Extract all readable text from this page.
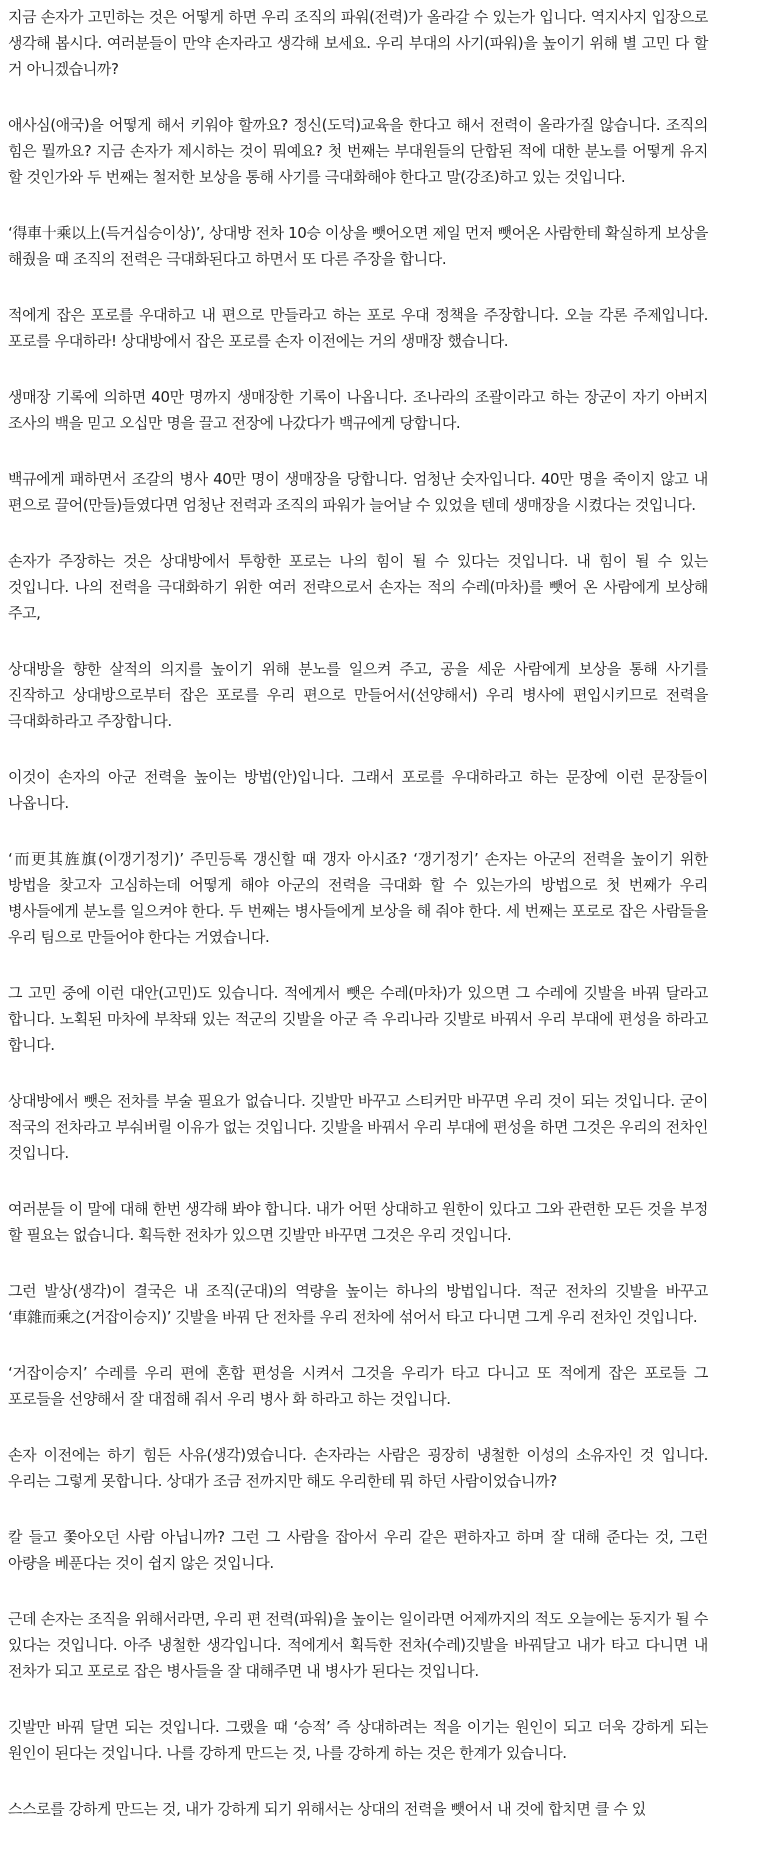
지금 손자가 고민하는 것은 어떻게 하면 우리 조직의 파워(전력)가 올라갈 수 있는가 입니다. 역지사지 입장으로 생각해 봅시다. 여러분들이 만약 손자라고 생각해 보세요. 우리 부대의 사기(파워)을 높이기 위해 별 고민 다 할 거 아니겠습니까?

애사심(애국)을 어떻게 해서 키워야 할까요? 정신(도덕)교육을 한다고 해서 전력이 올라가질 않습니다. 조직의 힘은 뭘까요? 지금 손자가 제시하는 것이 뭐예요? 첫 번째는 부대원들의 단합된 적에 대한 분노를 어떻게 유지 할 것인가와 두 번째는 철저한 보상을 통해 사기를 극대화해야 한다고 말(강조)하고 있는 것입니다.

‘得車十乘以上(득거십승이상)’, 상대방 전차 10승 이상을 뺏어오면 제일 먼저 뺏어온 사람한테 확실하게 보상을 해줬을 때 조직의 전력은 극대화된다고 하면서 또 다른 주장을 합니다.

적에게 잡은 포로를 우대하고 내 편으로 만들라고 하는 포로 우대 정책을 주장합니다. 오늘 각론 주제입니다. 포로를 우대하라! 상대방에서 잡은 포로를 손자 이전에는 거의 생매장 했습니다.

생매장 기록에 의하면 40만 명까지 생매장한 기록이 나옵니다. 조나라의 조괄이라고 하는 장군이 자기 아버지 조사의 백을 믿고 오십만 명을 끌고 전장에 나갔다가 백규에게 당합니다.

백규에게 패하면서 조갈의 병사 40만 명이 생매장을 당합니다. 엄청난 숫자입니다. 40만 명을 죽이지 않고 내 편으로 끌어(만들)들였다면 엄청난 전력과 조직의 파워가 늘어날 수 있었을 텐데 생매장을 시켰다는 것입니다.

손자가 주장하는 것은 상대방에서 투항한 포로는 나의 힘이 될 수 있다는 것입니다. 내 힘이 될 수 있는 것입니다. 나의 전력을 극대화하기 위한 여러 전략으로서 손자는 적의 수레(마차)를 뺏어 온 사람에게 보상해 주고,

상대방을 향한 살적의 의지를 높이기 위해 분노를 일으켜 주고, 공을 세운 사람에게 보상을 통해 사기를 진작하고 상대방으로부터 잡은 포로를 우리 편으로 만들어서(선양해서) 우리 병사에 편입시키므로 전력을 극대화하라고 주장합니다.

이것이 손자의 아군 전력을 높이는 방법(안)입니다. 그래서 포로를 우대하라고 하는 문장에 이런 문장들이 나옵니다.

‘而更其旌旗(이갱기정기)’ 주민등록 갱신할 때 갱자 아시죠? ‘갱기정기’ 손자는 아군의 전력을 높이기 위한 방법을 찾고자 고심하는데 어떻게 해야 아군의 전력을 극대화 할 수 있는가의 방법으로 첫 번째가 우리 병사들에게 분노를 일으켜야 한다. 두 번째는 병사들에게 보상을 해 줘야 한다. 세 번째는 포로로 잡은 사람들을 우리 팀으로 만들어야 한다는 거였습니다.

그 고민 중에 이런 대안(고민)도 있습니다. 적에게서 뺏은 수레(마차)가 있으면 그 수레에 깃발을 바꿔 달라고 합니다. 노획된 마차에 부착돼 있는 적군의 깃발을 아군 즉 우리나라 깃발로 바꿔서 우리 부대에 편성을 하라고 합니다.

상대방에서 뺏은 전차를 부술 필요가 없습니다. 깃발만 바꾸고 스티커만 바꾸면 우리 것이 되는 것입니다. 굳이 적국의 전차라고 부숴버릴 이유가 없는 것입니다. 깃발을 바꿔서 우리 부대에 편성을 하면 그것은 우리의 전차인 것입니다.

여러분들 이 말에 대해 한번 생각해 봐야 합니다. 내가 어떤 상대하고 원한이 있다고 그와 관련한 모든 것을 부정 할 필요는 없습니다. 획득한 전차가 있으면 깃발만 바꾸면 그것은 우리 것입니다.

그런 발상(생각)이 결국은 내 조직(군대)의 역량을 높이는 하나의 방법입니다. 적군 전차의 깃발을 바꾸고 ‘車雜而乘之(거잡이승지)’ 깃발을 바꿔 단 전차를 우리 전차에 섞어서 타고 다니면 그게 우리 전차인 것입니다.

‘거잡이승지’ 수레를 우리 편에 혼합 편성을 시켜서 그것을 우리가 타고 다니고 또 적에게 잡은 포로들 그 포로들을 선양해서 잘 대접해 줘서 우리 병사 화 하라고 하는 것입니다.

손자 이전에는 하기 힘든 사유(생각)였습니다. 손자라는 사람은 굉장히 냉철한 이성의 소유자인 것 입니다. 우리는 그렇게 못합니다. 상대가 조금 전까지만 해도 우리한테 뭐 하던 사람이었습니까?

칼 들고 쫓아오던 사람 아닙니까? 그런 그 사람을 잡아서 우리 같은 편하자고 하며 잘 대해 준다는 것, 그런 아량을 베푼다는 것이 쉽지 않은 것입니다.

근데 손자는 조직을 위해서라면, 우리 편 전력(파워)을 높이는 일이라면 어제까지의 적도 오늘에는 동지가 될 수 있다는 것입니다. 아주 냉철한 생각입니다. 적에게서 획득한 전차(수레)깃발을 바꿔달고 내가 타고 다니면 내 전차가 되고 포로로 잡은 병사들을 잘 대해주면 내 병사가 된다는 것입니다.

깃발만 바꿔 달면 되는 것입니다. 그랬을 때 ‘승적’ 즉 상대하려는 적을 이기는 원인이 되고 더욱 강하게 되는 원인이 된다는 것입니다. 나를 강하게 만드는 것, 나를 강하게 하는 것은 한계가 있습니다.

스스로를 강하게 만드는 것, 내가 강하게 되기 위해서는 상대의 전력을 뺏어서 내 것에 합치면 클 수 있
